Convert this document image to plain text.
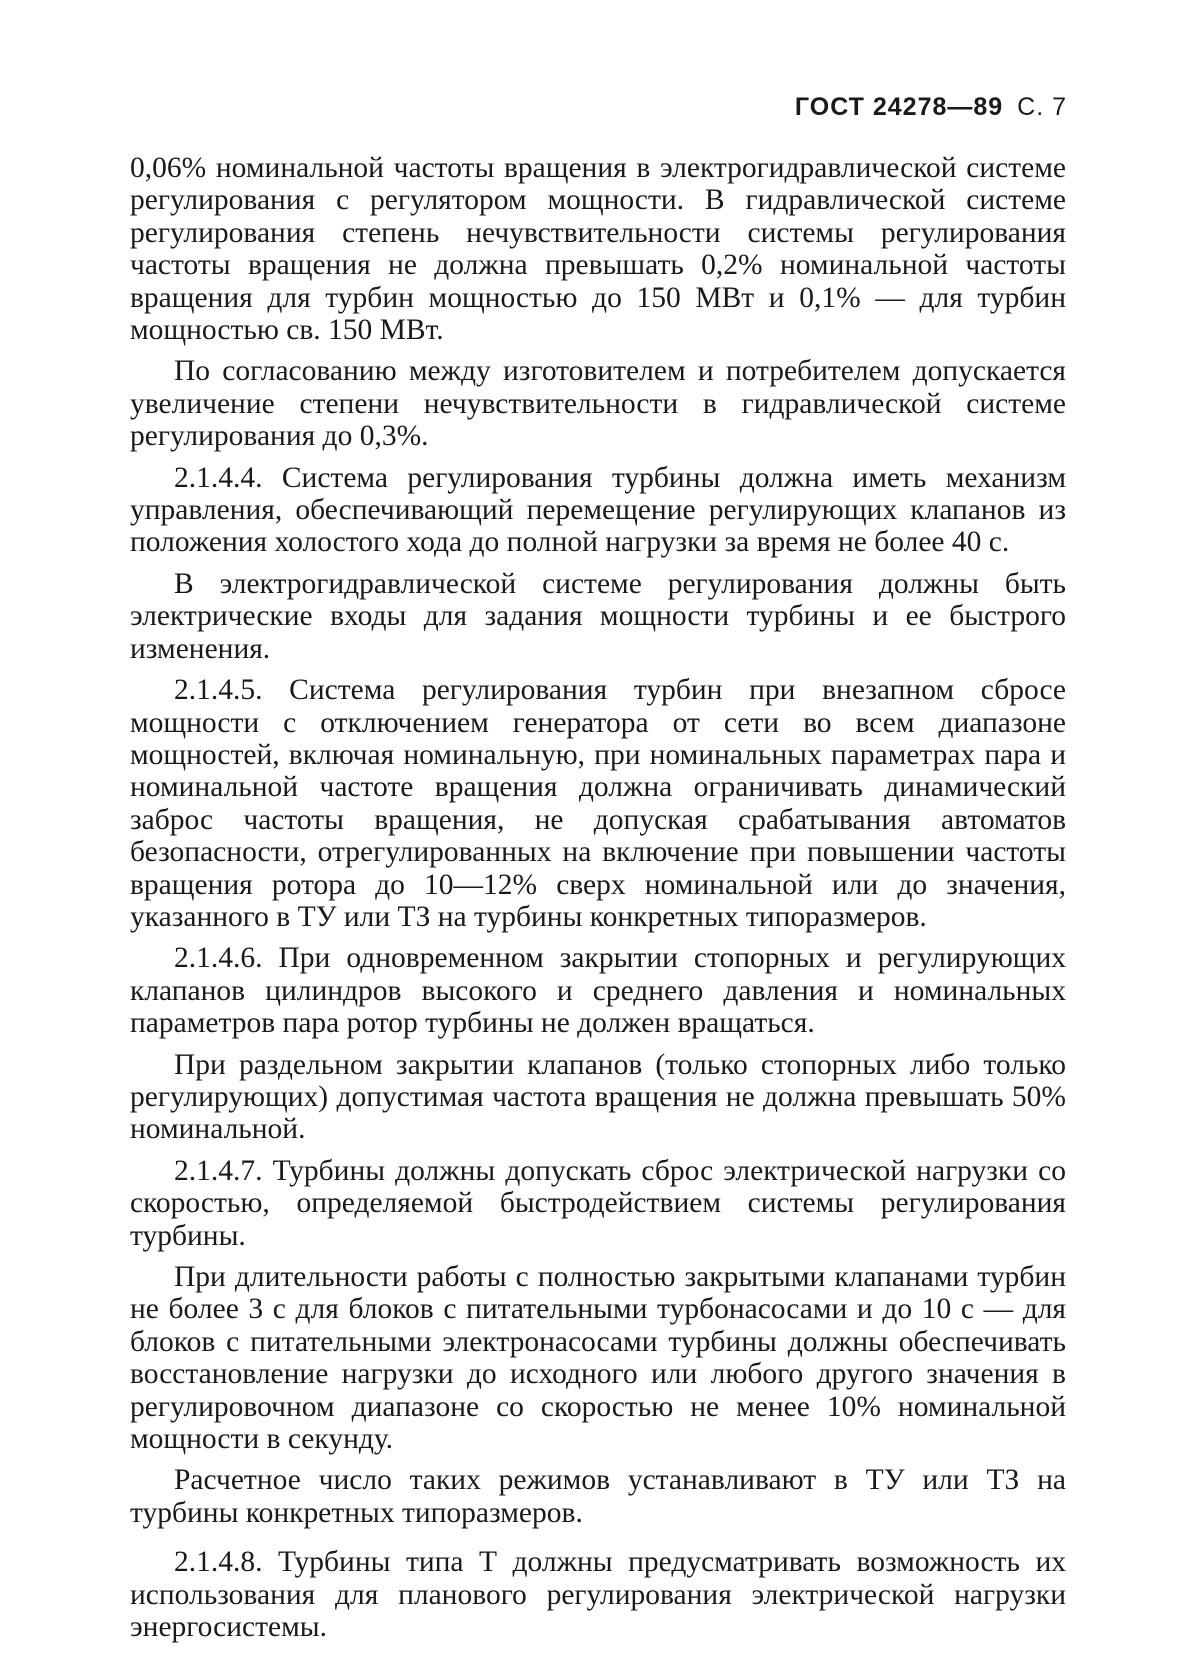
ГОСТ 24278—89 С. 7

0,06% номинальной частоты вращения в электрогидравлической системе регулирования с регулятором мощности. В гидравлической системе регулирования степень нечувствительности системы регулирования частоты вращения не должна превышать 0,2% номинальной частоты вращения для турбин мощностью до 150 МВт и 0,1% — для турбин мощностью св. 150 МВт.

По согласованию между изготовителем и потребителем допускается увеличение степени нечувствительности в гидравлической системе регулирования до 0,3%.

2.1.4.4. Система регулирования турбины должна иметь механизм управления, обеспечивающий перемещение регулирующих клапанов из положения холостого хода до полной нагрузки за время не более 40 с.

В электрогидравлической системе регулирования должны быть электрические входы для задания мощности турбины и ее быстрого изменения.

2.1.4.5. Система регулирования турбин при внезапном сбросе мощности с отключением генератора от сети во всем диапазоне мощностей, включая номинальную, при номинальных параметрах пара и номинальной частоте вращения должна ограничивать динамический заброс частоты вращения, не допуская срабатывания автоматов безопасности, отрегулированных на включение при повышении частоты вращения ротора до 10—12% сверх номинальной или до значения, указанного в ТУ или ТЗ на турбины конкретных типоразмеров.

2.1.4.6. При одновременном закрытии стопорных и регулирующих клапанов цилиндров высокого и среднего давления и номинальных параметров пара ротор турбины не должен вращаться.

При раздельном закрытии клапанов (только стопорных либо только регулирующих) допустимая частота вращения не должна превышать 50% номинальной.

2.1.4.7. Турбины должны допускать сброс электрической нагрузки со скоростью, определяемой быстродействием системы регулирования турбины.

При длительности работы с полностью закрытыми клапанами турбин не более 3 с для блоков с питательными турбонасосами и до 10 с — для блоков с питательными электронасосами турбины должны обеспечивать восстановление нагрузки до исходного или любого другого значения в регулировочном диапазоне со скоростью не менее 10% номинальной мощности в секунду.

Расчетное число таких режимов устанавливают в ТУ или ТЗ на турбины конкретных типоразмеров.

2.1.4.8. Турбины типа Т должны предусматривать возможность их использования для планового регулирования электрической нагрузки энергосистемы.
